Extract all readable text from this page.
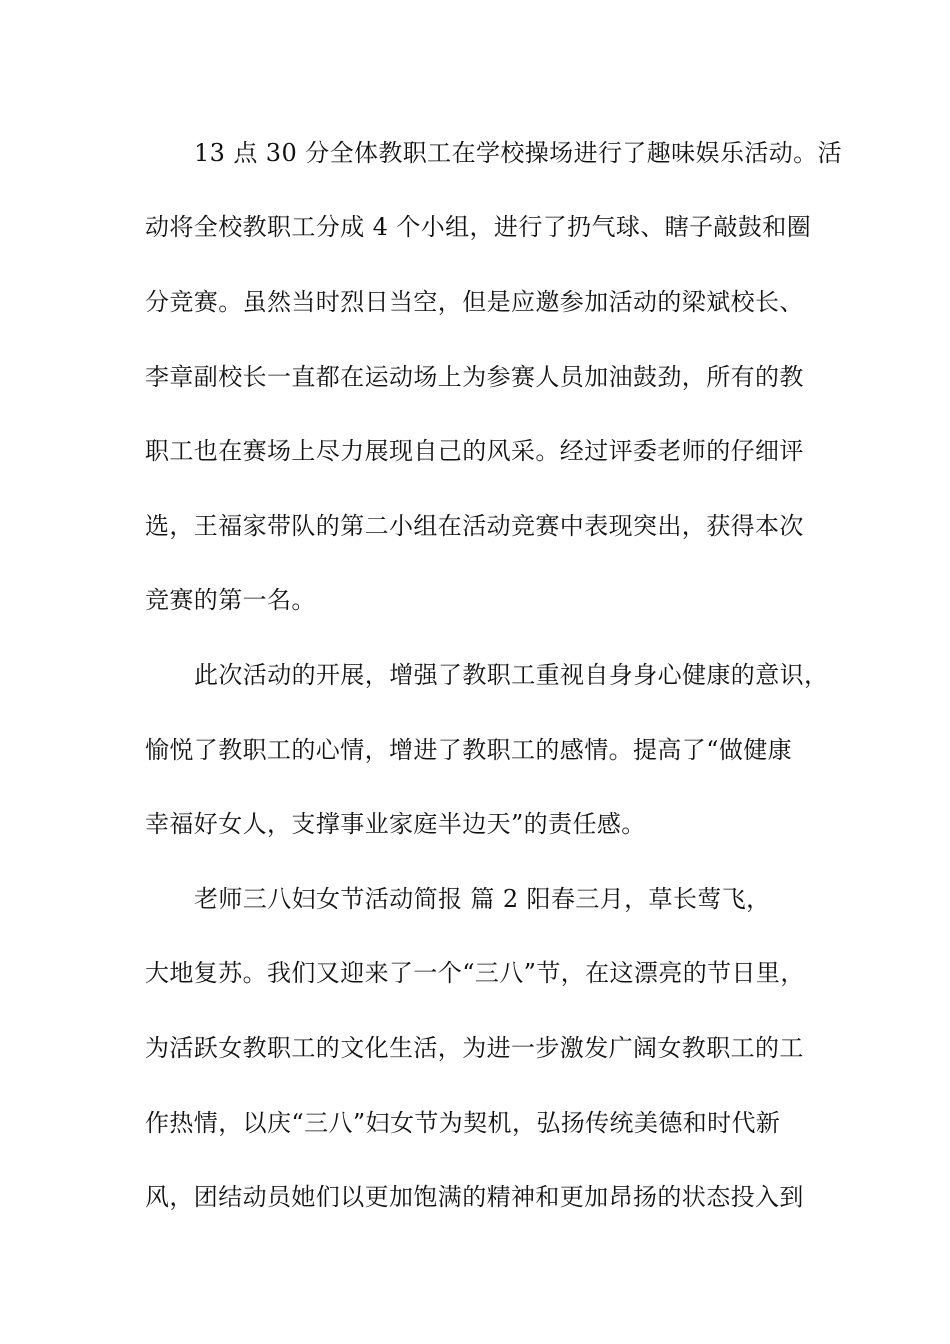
13 点 30 分全体教职工在学校操场进行了趣味娱乐活动。活
动将全校教职工分成 4 个小组，进行了扔气球、瞎子敲鼓和圈
分竞赛。虽然当时烈日当空，但是应邀参加活动的梁斌校长、
李章副校长一直都在运动场上为参赛人员加油鼓劲，所有的教
职工也在赛场上尽力展现自己的风采。经过评委老师的仔细评
选，王福家带队的第二小组在活动竞赛中表现突出，获得本次
竞赛的第一名。
此次活动的开展，增强了教职工重视自身身心健康的意识，
愉悦了教职工的心情，增进了教职工的感情。提高了“做健康
幸福好女人，支撑事业家庭半边天”的责任感。
老师三八妇女节活动简报 篇 2 阳春三月，草长莺飞，
大地复苏。我们又迎来了一个“三八”节，在这漂亮的节日里，
为活跃女教职工的文化生活，为进一步激发广阔女教职工的工
作热情，以庆“三八”妇女节为契机，弘扬传统美德和时代新
风，团结动员她们以更加饱满的精神和更加昂扬的状态投入到
